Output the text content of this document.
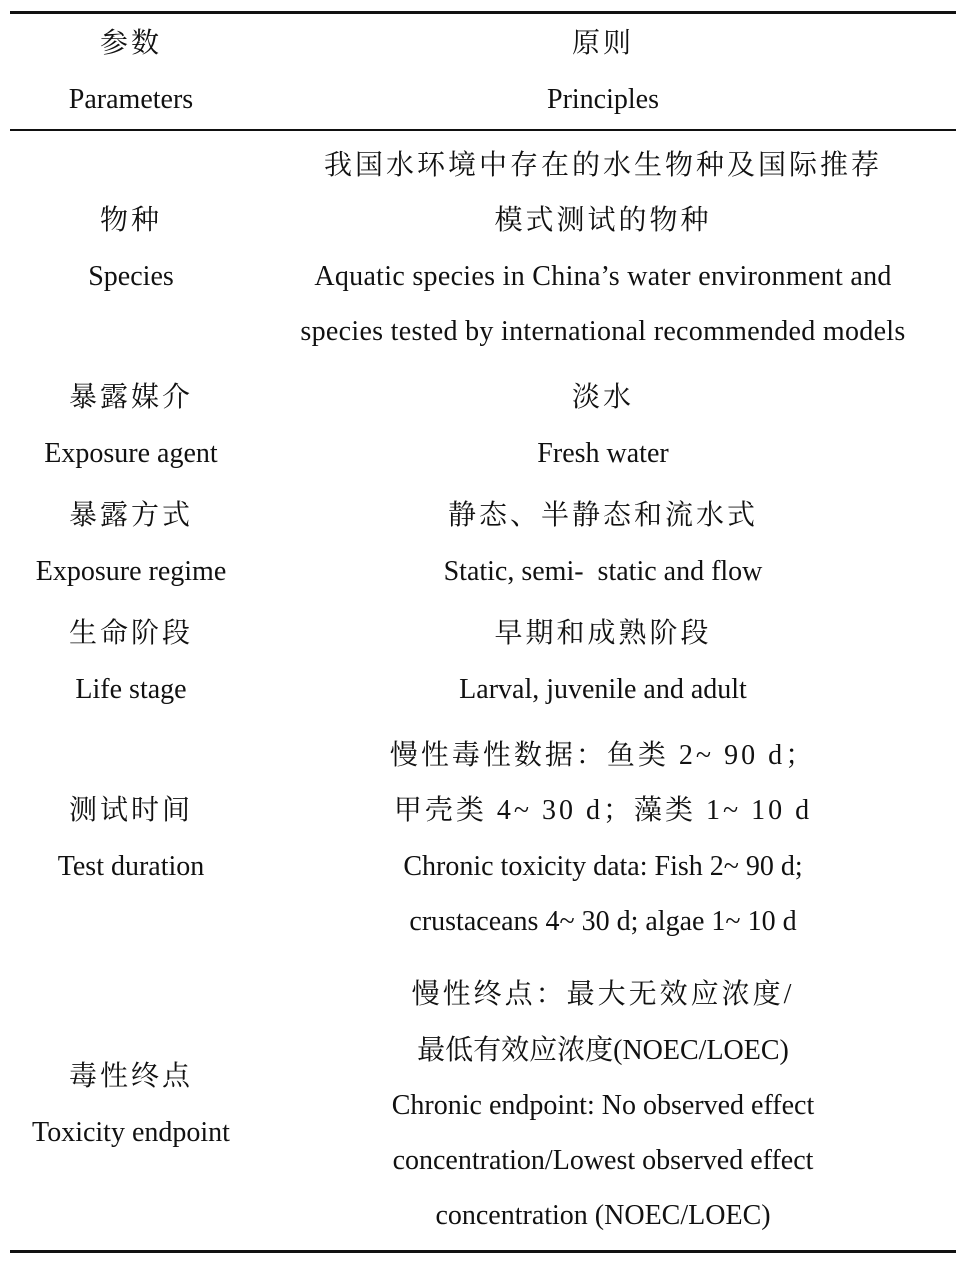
参数
Parameters
原则
Principles
物种
Species
我国水环境中存在的水生物种及国际推荐
模式测试的物种
Aquatic species in China’s water environment and
species tested by international recommended models
暴露媒介
Exposure agent
淡水
Fresh water
暴露方式
Exposure regime
静态、半静态和流水式
Static, semi-  static and flow
生命阶段
Life stage
早期和成熟阶段
Larval, juvenile and adult
测试时间
Test duration
慢性毒性数据：鱼类 2~ 90 d；
甲壳类 4~ 30 d；藻类 1~ 10 d
Chronic toxicity data: Fish 2~ 90 d;
crustaceans 4~ 30 d; algae 1~ 10 d
毒性终点
Toxicity endpoint
慢性终点：最大无效应浓度/
最低有效应浓度(NOEC/LOEC)
Chronic endpoint: No observed effect
concentration/Lowest observed effect
concentration (NOEC/LOEC)
